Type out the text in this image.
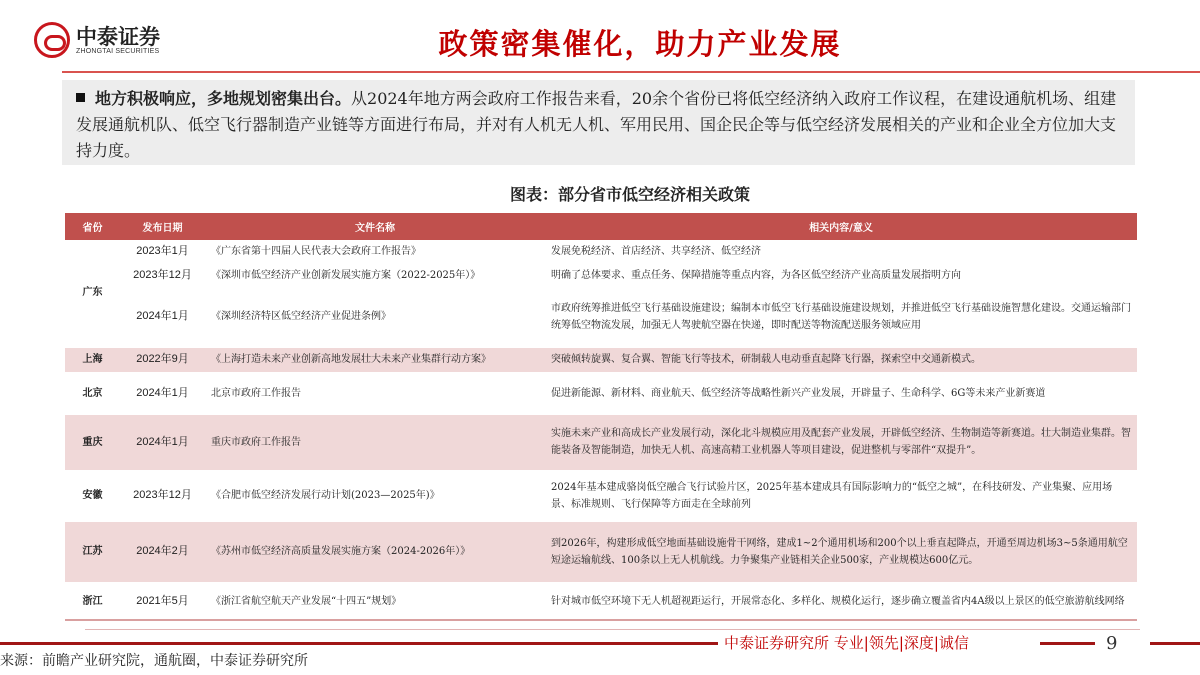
中泰证券
ZHONGTAI SECURITIES	政策密集催化，助力产业发展
地方积极响应，多地规划密集出台。从2024年地方两会政府工作报告来看，20余个省份已将低空经济纳入政府工作议程，在建设通航机场、组建发展通航机队、低空飞行器制造产业链等方面进行布局，并对有人机无人机、军用民用、国企民企等与低空经济发展相关的产业和企业全方位加大支持力度。
图表：部分省市低空经济相关政策
省份	发布日期	文件名称	相关内容/意义
广东	2023年1月	《广东省第十四届人民代表大会政府工作报告》	发展免税经济、首店经济、共享经济、低空经济
	2023年12月	《深圳市低空经济产业创新发展实施方案（2022-2025年）》	明确了总体要求、重点任务、保障措施等重点内容，为各区低空经济产业高质量发展指明方向
	2024年1月	《深圳经济特区低空经济产业促进条例》	市政府统筹推进低空飞行基础设施建设；编制本市低空飞行基础设施建设规划，并推进低空飞行基础设施智慧化建设。交通运输部门统筹低空物流发展，加强无人驾驶航空器在快递，即时配送等物流配送服务领域应用
上海	2022年9月	《上海打造未来产业创新高地发展壮大未来产业集群行动方案》	突破倾转旋翼、复合翼、智能飞行等技术，研制载人电动垂直起降飞行器，探索空中交通新模式。
北京	2024年1月	北京市政府工作报告	促进新能源、新材料、商业航天、低空经济等战略性新兴产业发展，开辟量子、生命科学、6G等未来产业新赛道
重庆	2024年1月	重庆市政府工作报告	实施未来产业和高成长产业发展行动，深化北斗规模应用及配套产业发展，开辟低空经济、生物制造等新赛道。壮大制造业集群。智能装备及智能制造，加快无人机、高速高精工业机器人等项目建设，促进整机与零部件“双提升”。
安徽	2023年12月	《合肥市低空经济发展行动计划(2023—2025年)》	2024年基本建成骆岗低空融合飞行试验片区，2025年基本建成具有国际影响力的“低空之城”，在科技研发、产业集聚、应用场景、标准规则、飞行保障等方面走在全球前列
江苏	2024年2月	《苏州市低空经济高质量发展实施方案（2024-2026年）》	到2026年，构建形成低空地面基础设施骨干网络，建成1~2个通用机场和200个以上垂直起降点，开通至周边机场3~5条通用航空短途运输航线、100条以上无人机航线。力争聚集产业链相关企业500家，产业规模达600亿元。
浙江	2021年5月	《浙江省航空航天产业发展“十四五”规划》	针对城市低空环境下无人机超视距运行，开展常态化、多样化、规模化运行，逐步确立覆盖省内4A级以上景区的低空旅游航线网络
中泰证券研究所 专业|领先|深度|诚信	9
来源：前瞻产业研究院，通航圈，中泰证券研究所
